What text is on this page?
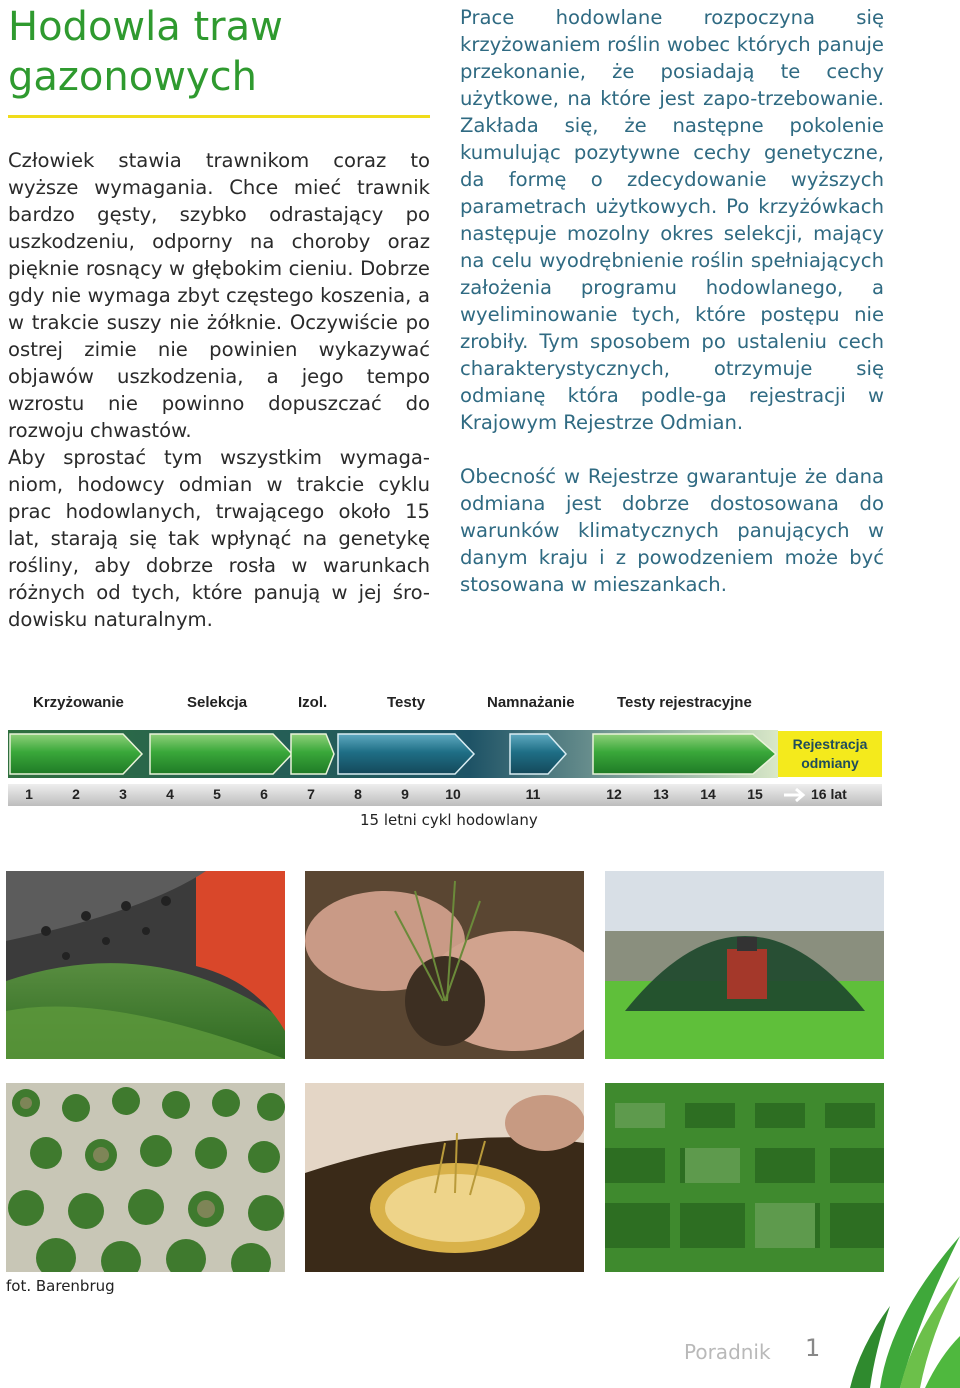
Hodowla traw
gazonowych

Człowiek stawia trawnikom coraz to wyższe wymagania. Chce mieć trawnik bardzo gęsty, szybko odrastający po uszkodzeniu, odporny na choroby oraz pięknie rosnący w głębokim cieniu. Dobrze gdy nie wymaga zbyt częstego koszenia, a w trakcie suszy nie żółknie. Oczywiście po ostrej zimie nie powinien wykazywać objawów uszkodzenia, a jego tempo wzrostu nie powinno dopuszczać do rozwoju chwastów.

Aby sprostać tym wszystkim wymaga-niom, hodowcy odmian w trakcie cyklu prac hodowlanych, trwającego około 15 lat, starają się tak wpłynąć na genetykę rośliny, aby dobrze rosła w warunkach różnych od tych, które panują w jej śro-dowisku naturalnym.

Prace hodowlane rozpoczyna się krzyżowaniem roślin wobec których panuje przekonanie, że posiadają te cechy użytkowe, na które jest zapo-trzebowanie. Zakłada się, że następne pokolenie kumulując pozytywne cechy genetyczne, da formę o zdecydowanie wyższych parametrach użytkowych. Po krzyżówkach następuje mozolny okres selekcji, mający na celu wyodrębnienie roślin spełniających założenia programu hodowlanego, a wyeliminowanie tych, które postępu nie zrobiły. Tym sposobem po ustaleniu cech charakterystycznych, otrzymuje się odmianę która podle-ga rejestracji w Krajowym Rejestrze Odmian.

Obecność w Rejestrze gwarantuje że dana odmiana jest dobrze dostosowana do warunków klimatycznych panujących w danym kraju i z powodzeniem może być stosowana w mieszankach.

Krzyżowanie	Selekcja	Izol.	Testy	Namnażanie	Testy rejestracyjne
Rejestracja
odmiany
1	2	3	4	5	6	7	8	9	10	11	12 13 14 15	16 lat
15 letni cykl hodowlany
fot. Barenbrug
Poradnik 1
